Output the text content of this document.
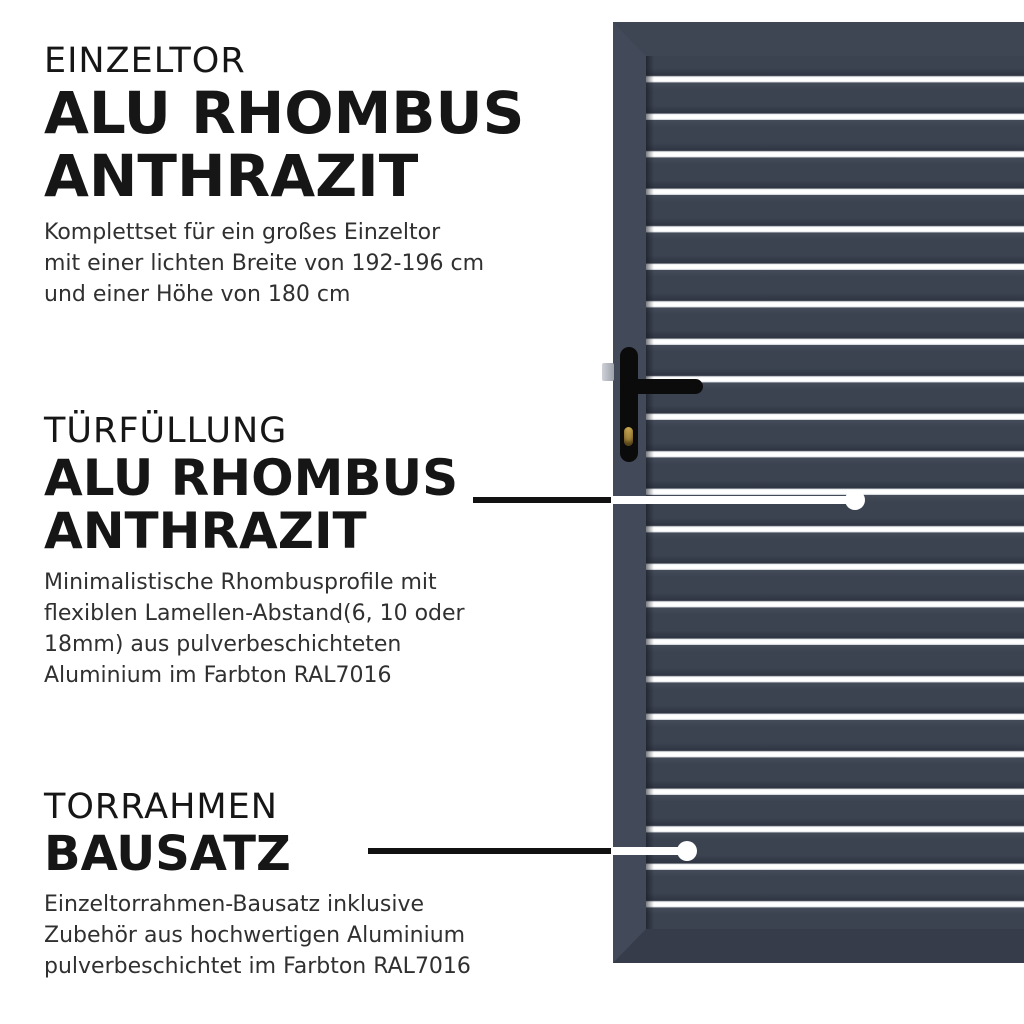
EINZELTOR
ALU RHOMBUS
ANTHRAZIT
Komplettset für ein großes Einzeltor
mit einer lichten Breite von 192-196 cm
und einer Höhe von 180 cm
TÜRFÜLLUNG
ALU RHOMBUS
ANTHRAZIT
Minimalistische Rhombusprofile mit
flexiblen Lamellen-Abstand(6, 10 oder
18mm) aus pulverbeschichteten
Aluminium im Farbton RAL7016
TORRAHMEN
BAUSATZ
Einzeltorrahmen-Bausatz inklusive
Zubehör aus hochwertigen Aluminium
pulverbeschichtet im Farbton RAL7016
